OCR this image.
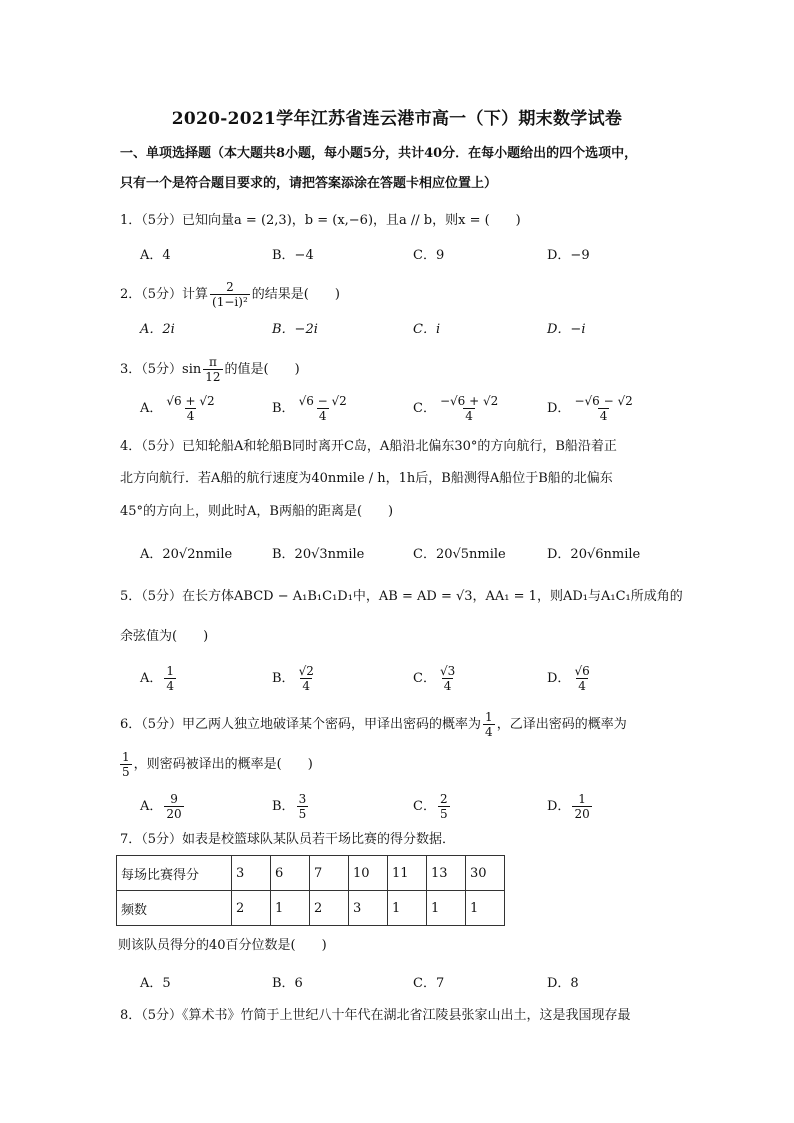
2020-2021学年江苏省连云港市高一（下）期末数学试卷
一、单项选择题（本大题共8小题，每小题5分，共计40分．在每小题给出的四个选项中，
只有一个是符合题目要求的，请把答案添涂在答题卡相应位置上）
1．（5分）已知向量a = (2,3)，b = (x,−6)，且a // b，则x = (　　)
A．4	B．−4	C．9	D．−9
2．（5分）计算 $\frac{2}{\text{(1−i)²}}$ 的结果是(　　)
A．2i	B．−2i	C．i	D．−i
3．（5分）$\sin \frac{\pi}{12}$ 的值是(　　)
A． $\frac{√6 + √2}{4}$	B． $\frac{√6 - √2}{4}$	C． $\frac{-√6 + √2}{4}$	D． $\frac{-√6 - √2}{4}$
4．（5分）已知轮船A和轮船B同时离开C岛，A船沿北偏东30°的方向航行，B船沿着正
北方向航行．若A船的航行速度为40nmile / h，1h后，B船测得A船位于B船的北偏东
45°的方向上，则此时A，B两船的距离是(　　)
A．20√2nmile	B．20√3nmile	C．20√5nmile	D．20√6nmile
5．（5分）在长方体ABCD − A₁B₁C₁D₁中，AB = AD = √3，AA₁ = 1，则AD₁与A₁C₁所成角的
余弦值为(　　)
A． $\frac{1}{4}$	B． $\frac{√2}{4}$	C． $\frac{√3}{4}$	D． $\frac{√6}{4}$
6．（5分）甲乙两人独立地破译某个密码，甲译出密码的概率为 $\frac{1}{4}$ ，乙译出密码的概率为
$\frac{1}{5}$ ，则密码被译出的概率是(　　)
A． $\frac{9}{20}$	B． $\frac{3}{5}$	C． $\frac{2}{5}$	D． $\frac{1}{20}$
7．（5分）如表是校篮球队某队员若干场比赛的得分数据．
每场比赛得分	3	6	7	10	11	13	30
频数	2	1	2	3	1	1	1
则该队员得分的40百分位数是(　　)
A．5	B．6	C．7	D．8
8．（5分）《算术书》竹简于上世纪八十年代在湖北省江陵县张家山出土，这是我国现存最
